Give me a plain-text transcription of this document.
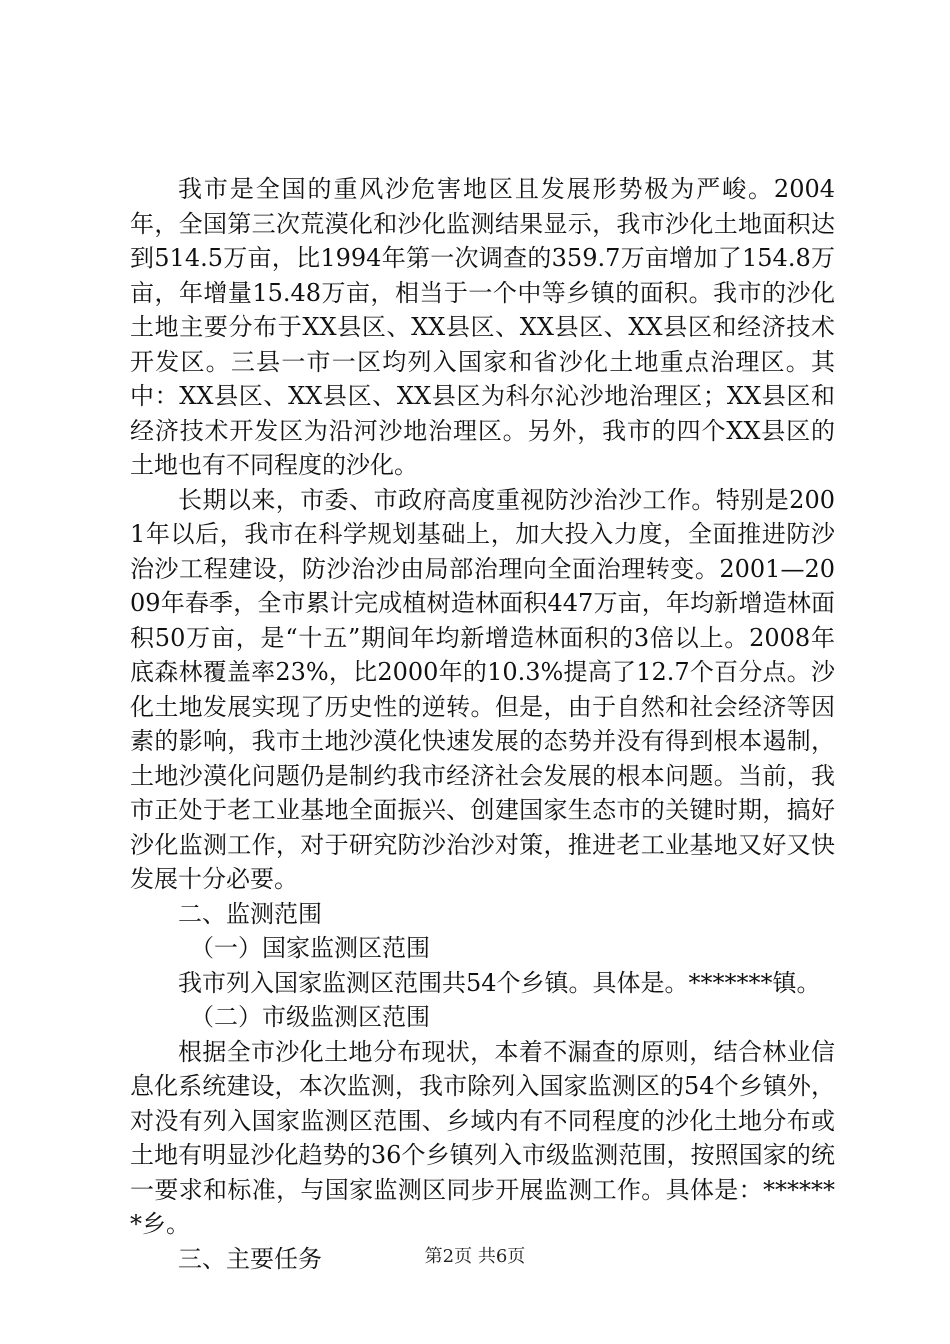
我市是全国的重风沙危害地区且发展形势极为严峻。2004年，全国第三次荒漠化和沙化监测结果显示，我市沙化土地面积达到514.5万亩，比1994年第一次调查的359.7万亩增加了154.8万亩，年增量15.48万亩，相当于一个中等乡镇的面积。我市的沙化土地主要分布于XX县区、XX县区、XX县区、XX县区和经济技术开发区。三县一市一区均列入国家和省沙化土地重点治理区。其中：XX县区、XX县区、XX县区为科尔沁沙地治理区；XX县区和经济技术开发区为沿河沙地治理区。另外，我市的四个XX县区的土地也有不同程度的沙化。

长期以来，市委、市政府高度重视防沙治沙工作。特别是2001年以后，我市在科学规划基础上，加大投入力度，全面推进防沙治沙工程建设，防沙治沙由局部治理向全面治理转变。2001—2009年春季，全市累计完成植树造林面积447万亩，年均新增造林面积50万亩，是“十五”期间年均新增造林面积的3倍以上。2008年底森林覆盖率23%，比2000年的10.3%提高了12.7个百分点。沙化土地发展实现了历史性的逆转。但是，由于自然和社会经济等因素的影响，我市土地沙漠化快速发展的态势并没有得到根本遏制，土地沙漠化问题仍是制约我市经济社会发展的根本问题。当前，我市正处于老工业基地全面振兴、创建国家生态市的关键时期，搞好沙化监测工作，对于研究防沙治沙对策，推进老工业基地又好又快发展十分必要。

二、监测范围

（一）国家监测区范围

我市列入国家监测区范围共54个乡镇。具体是。*******镇。

（二）市级监测区范围

根据全市沙化土地分布现状，本着不漏查的原则，结合林业信息化系统建设，本次监测，我市除列入国家监测区的54个乡镇外，对没有列入国家监测区范围、乡域内有不同程度的沙化土地分布或土地有明显沙化趋势的36个乡镇列入市级监测范围，按照国家的统一要求和标准，与国家监测区同步开展监测工作。具体是：*******乡。

三、主要任务	第2页 共6页
